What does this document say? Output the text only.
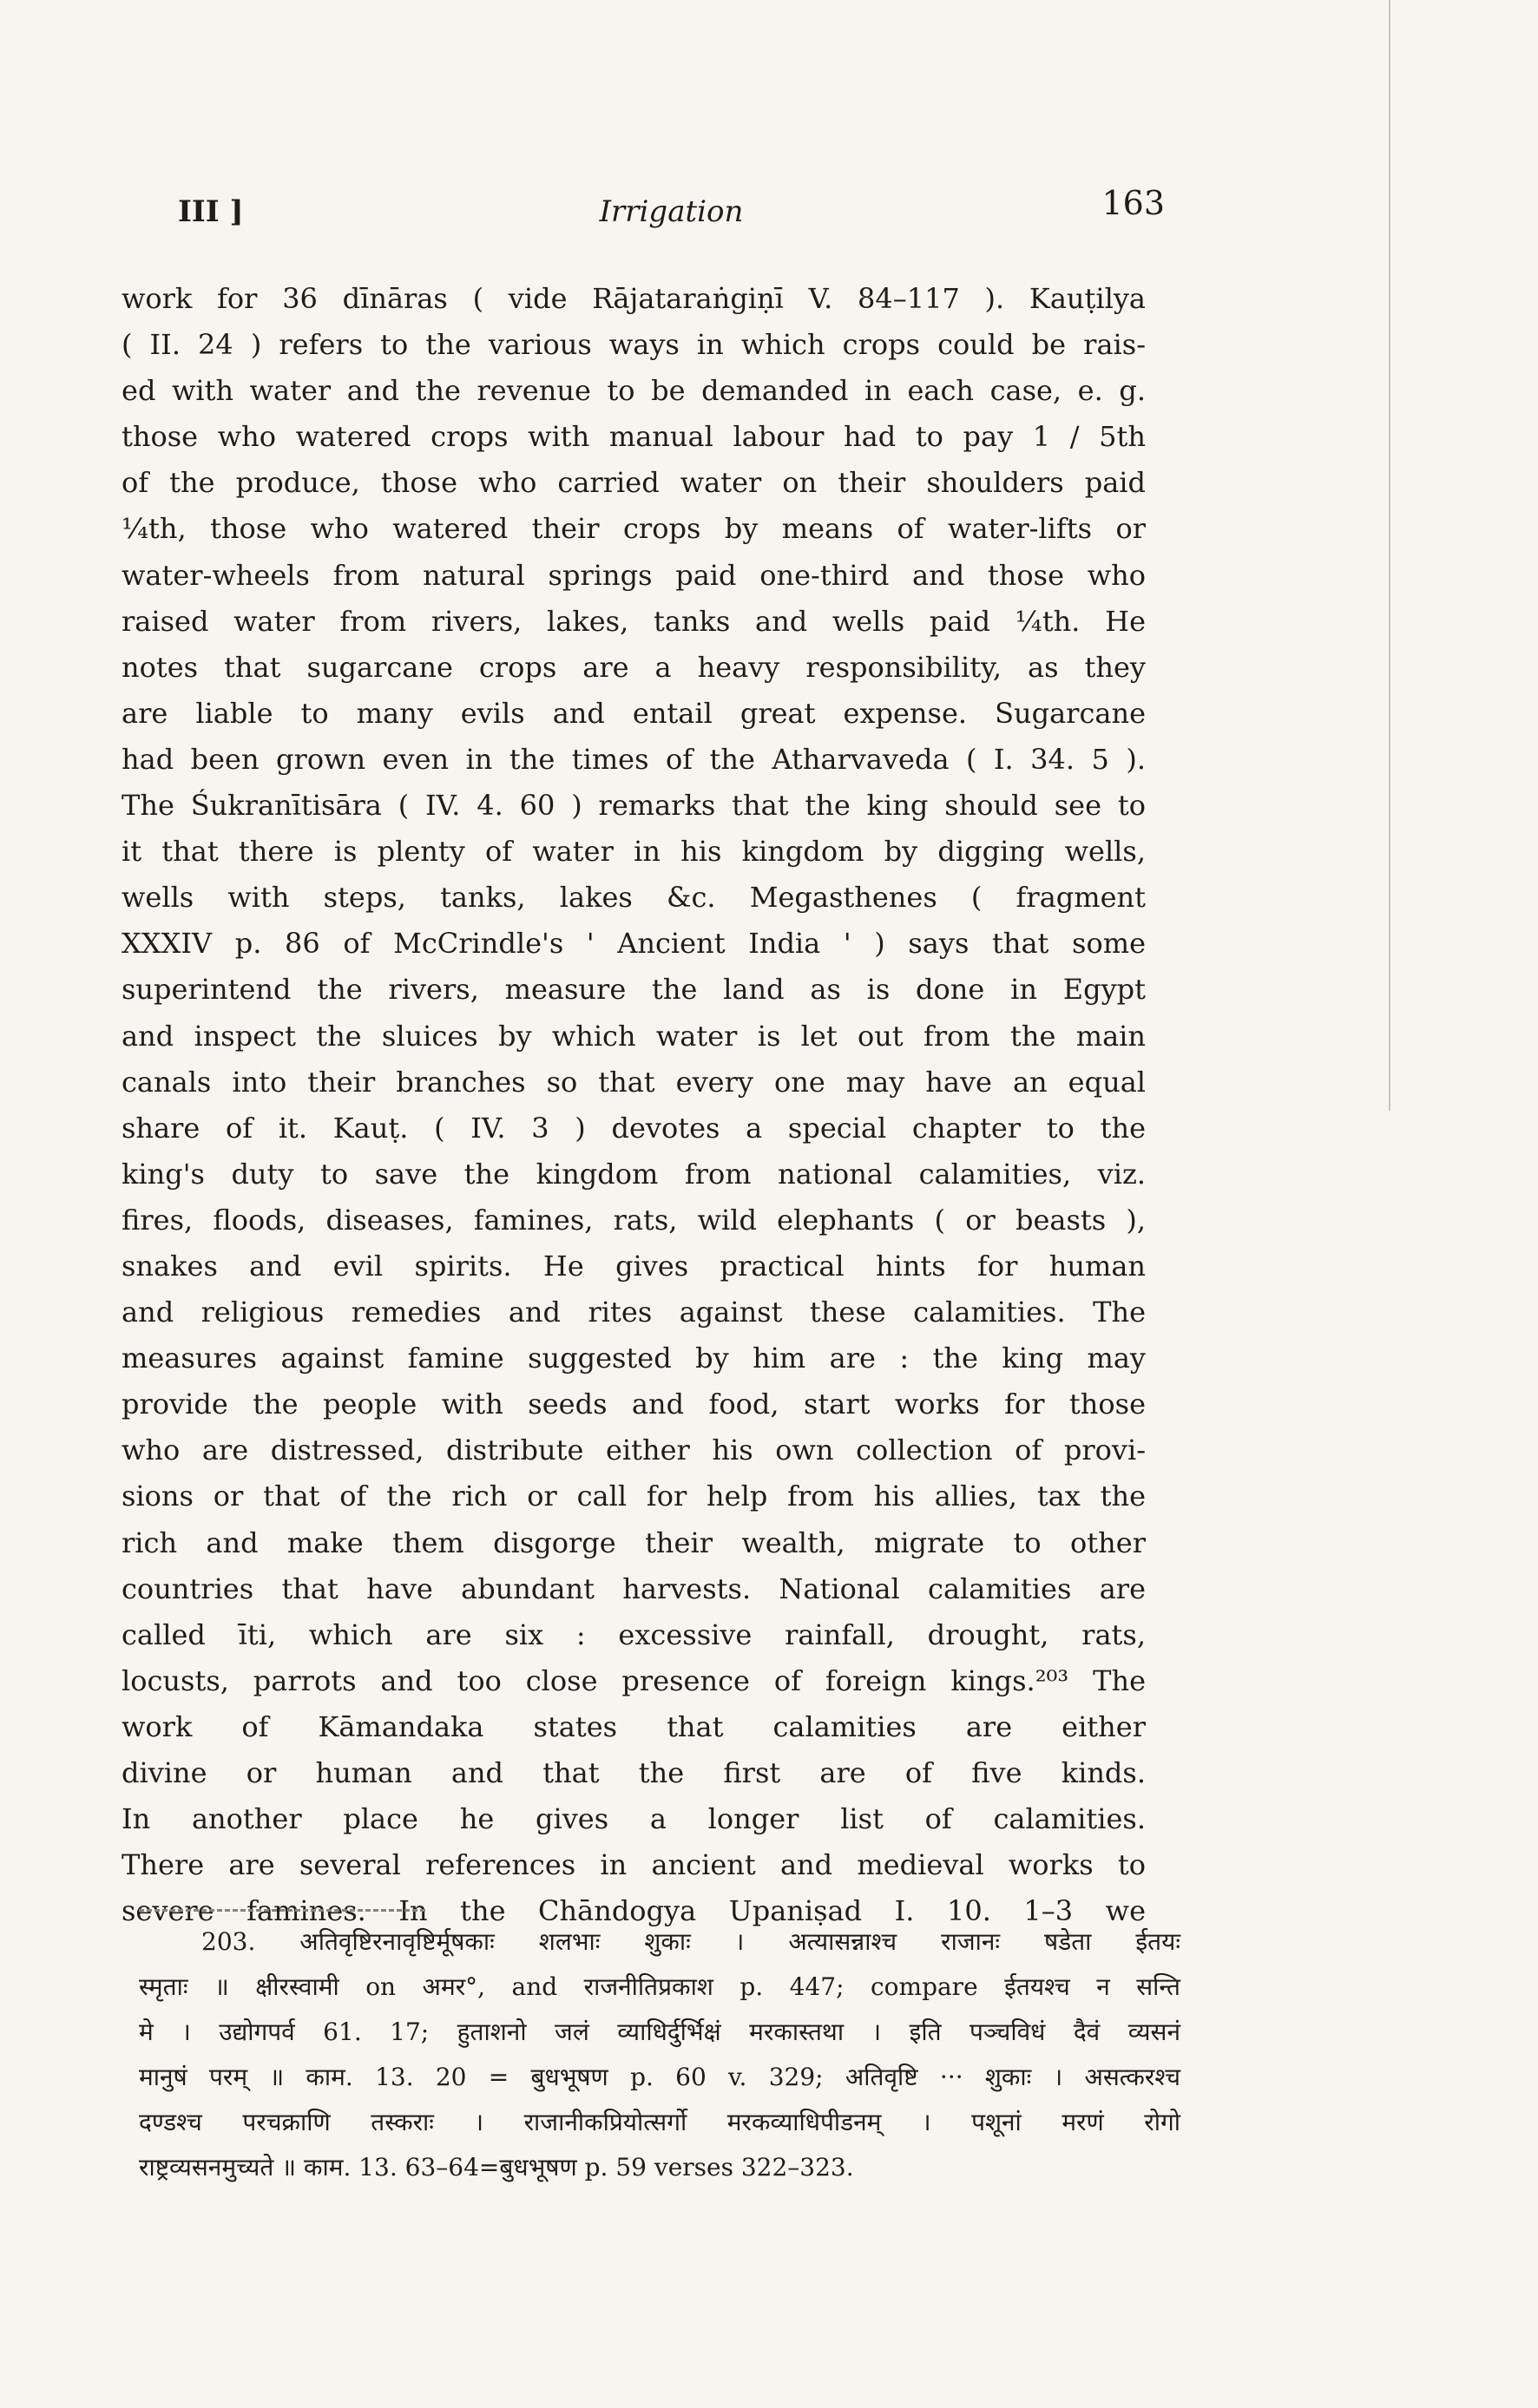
III ]	Irrigation	163
work for 36 dīnāras ( vide Rājataraṅgiṇī V. 84–117 ). Kauṭilya
( II. 24 ) refers to the various ways in which crops could be rais-
ed with water and the revenue to be demanded in each case, e. g.
those who watered crops with manual labour had to pay 1 / 5th
of the produce, those who carried water on their shoulders paid
¼th, those who watered their crops by means of water-lifts or
water-wheels from natural springs paid one-third and those who
raised water from rivers, lakes, tanks and wells paid ¼th. He
notes that sugarcane crops are a heavy responsibility, as they
are liable to many evils and entail great expense. Sugarcane
had been grown even in the times of the Atharvaveda ( I. 34. 5 ).
The Śukranītisāra ( IV. 4. 60 ) remarks that the king should see to
it that there is plenty of water in his kingdom by digging wells,
wells with steps, tanks, lakes &c. Megasthenes ( fragment
XXXIV p. 86 of McCrindle's ' Ancient India ' ) says that some
superintend the rivers, measure the land as is done in Egypt
and inspect the sluices by which water is let out from the main
canals into their branches so that every one may have an equal
share of it. Kauṭ. ( IV. 3 ) devotes a special chapter to the
king's duty to save the kingdom from national calamities, viz.
fires, floods, diseases, famines, rats, wild elephants ( or beasts ),
snakes and evil spirits. He gives practical hints for human
and religious remedies and rites against these calamities. The
measures against famine suggested by him are : the king may
provide the people with seeds and food, start works for those
who are distressed, distribute either his own collection of provi-
sions or that of the rich or call for help from his allies, tax the
rich and make them disgorge their wealth, migrate to other
countries that have abundant harvests. National calamities are
called īti, which are six : excessive rainfall, drought, rats,
locusts, parrots and too close presence of foreign kings.²⁰³ The
work of Kāmandaka states that calamities are either
divine or human and that the first are of five kinds.
In another place he gives a longer list of calamities.
There are several references in ancient and medieval works to
severe famines. In the Chāndogya Upaniṣad I. 10. 1–3 we
203. अतिवृष्टिरनावृष्टिर्मूषकाः शलभाः शुकाः । अत्यासन्नाश्च राजानः षडेता ईतयः
स्मृताः ॥ क्षीरस्वामी on अमर°, and राजनीतिप्रकाश p. 447; compare ईतयश्च न सन्ति
मे । उद्योगपर्व 61. 17; हुताशनो जलं व्याधिर्दुर्भिक्षं मरकास्तथा । इति पञ्चविधं दैवं व्यसनं
मानुषं परम् ॥ काम. 13. 20 = बुधभूषण p. 60 v. 329; अतिवृष्टि ··· शुकाः । असत्करश्च
दण्डश्च परचक्राणि तस्कराः । राजानीकप्रियोत्सर्गो मरकव्याधिपीडनम् । पशूनां मरणं रोगो
राष्ट्रव्यसनमुच्यते ॥ काम. 13. 63–64=बुधभूषण p. 59 verses 322–323.
